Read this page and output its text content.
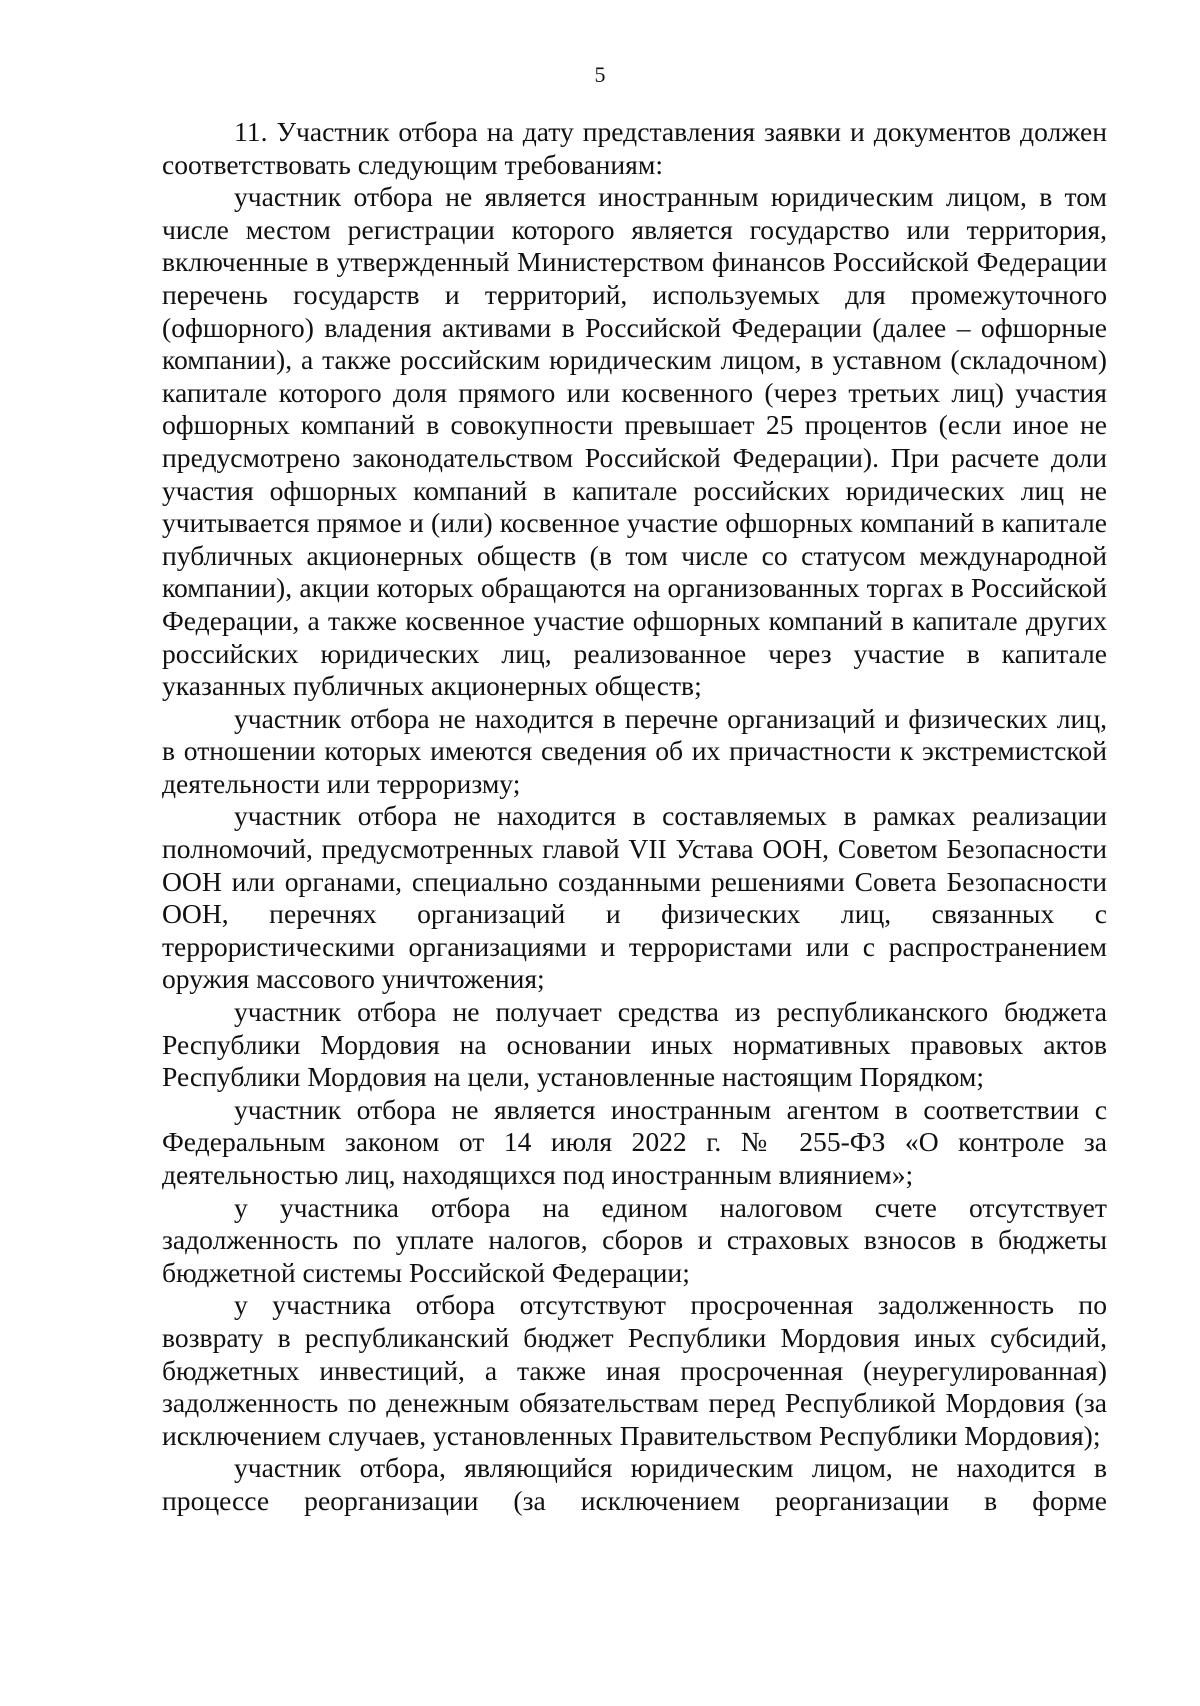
5

11. Участник отбора на дату представления заявки и документов должен соответствовать следующим требованиям:

участник отбора не является иностранным юридическим лицом, в том числе местом регистрации которого является государство или территория, включенные в утвержденный Министерством финансов Российской Федерации перечень государств и территорий, используемых для промежуточного (офшорного) владения активами в Российской Федерации (далее – офшорные компании), а также российским юридическим лицом, в уставном (складочном) капитале которого доля прямого или косвенного (через третьих лиц) участия офшорных компаний в совокупности превышает 25 процентов (если иное не предусмотрено законодательством Российской Федерации). При расчете доли участия офшорных компаний в капитале российских юридических лиц не учитывается прямое и (или) косвенное участие офшорных компаний в капитале публичных акционерных обществ (в том числе со статусом международной компании), акции которых обращаются на организованных торгах в Российской Федерации, а также косвенное участие офшорных компаний в капитале других российских юридических лиц, реализованное через участие в капитале указанных публичных акционерных обществ;

участник отбора не находится в перечне организаций и физических лиц, в отношении которых имеются сведения об их причастности к экстремистской деятельности или терроризму;

участник отбора не находится в составляемых в рамках реализации полномочий, предусмотренных главой VII Устава ООН, Советом Безопасности ООН или органами, специально созданными решениями Совета Безопасности ООН, перечнях организаций и физических лиц, связанных с террористическими организациями и террористами или с распространением оружия массового уничтожения;

участник отбора не получает средства из республиканского бюджета Республики Мордовия на основании иных нормативных правовых актов Республики Мордовия на цели, установленные настоящим Порядком;

участник отбора не является иностранным агентом в соответствии с Федеральным законом от 14 июля 2022 г. № 255-ФЗ «О контроле за деятельностью лиц, находящихся под иностранным влиянием»;

у участника отбора на едином налоговом счете отсутствует задолженность по уплате налогов, сборов и страховых взносов в бюджеты бюджетной системы Российской Федерации;

у участника отбора отсутствуют просроченная задолженность по возврату в республиканский бюджет Республики Мордовия иных субсидий, бюджетных инвестиций, а также иная просроченная (неурегулированная) задолженность по денежным обязательствам перед Республикой Мордовия (за исключением случаев, установленных Правительством Республики Мордовия);

участник отбора, являющийся юридическим лицом, не находится в процессе реорганизации (за исключением реорганизации в форме
